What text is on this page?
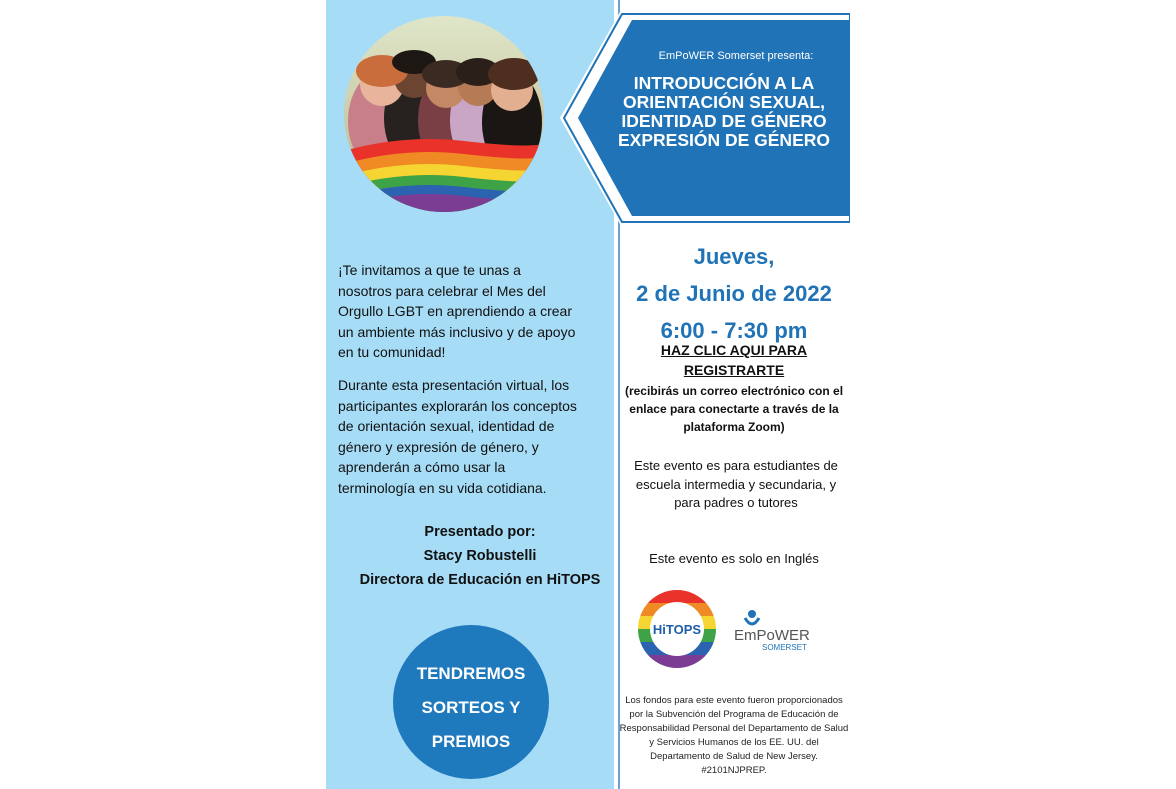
EmPoWER Somerset presenta:
INTRODUCCIÓN A LA ORIENTACIÓN SEXUAL, IDENTIDAD DE GÉNERO EXPRESIÓN DE GÉNERO
¡Te invitamos a que te unas a nosotros para celebrar el Mes del Orgullo LGBT en aprendiendo a crear un ambiente más inclusivo y de apoyo en tu comunidad!
Durante esta presentación virtual, los participantes explorarán los conceptos de orientación sexual, identidad de género y expresión de género, y aprenderán a cómo usar la terminología en su vida cotidiana.
Presentado por:
Stacy Robustelli
Directora de Educación en HiTOPS
TENDREMOS SORTEOS Y PREMIOS
Jueves,
2 de Junio de 2022
6:00 - 7:30 pm
HAZ CLIC AQUI PARA REGISTRARTE
(recibirás un correo electrónico con el enlace para conectarte a través de la plataforma Zoom)
Este evento es para estudiantes de escuela intermedia y secundaria, y para padres o tutores
Este evento es solo en Inglés
HiTOPS EmPoWER
SOMERSET
Los fondos para este evento fueron proporcionados por la Subvención del Programa de Educación de Responsabilidad Personal del Departamento de Salud y Servicios Humanos de los EE. UU. del Departamento de Salud de New Jersey. #2101NJPREP.
